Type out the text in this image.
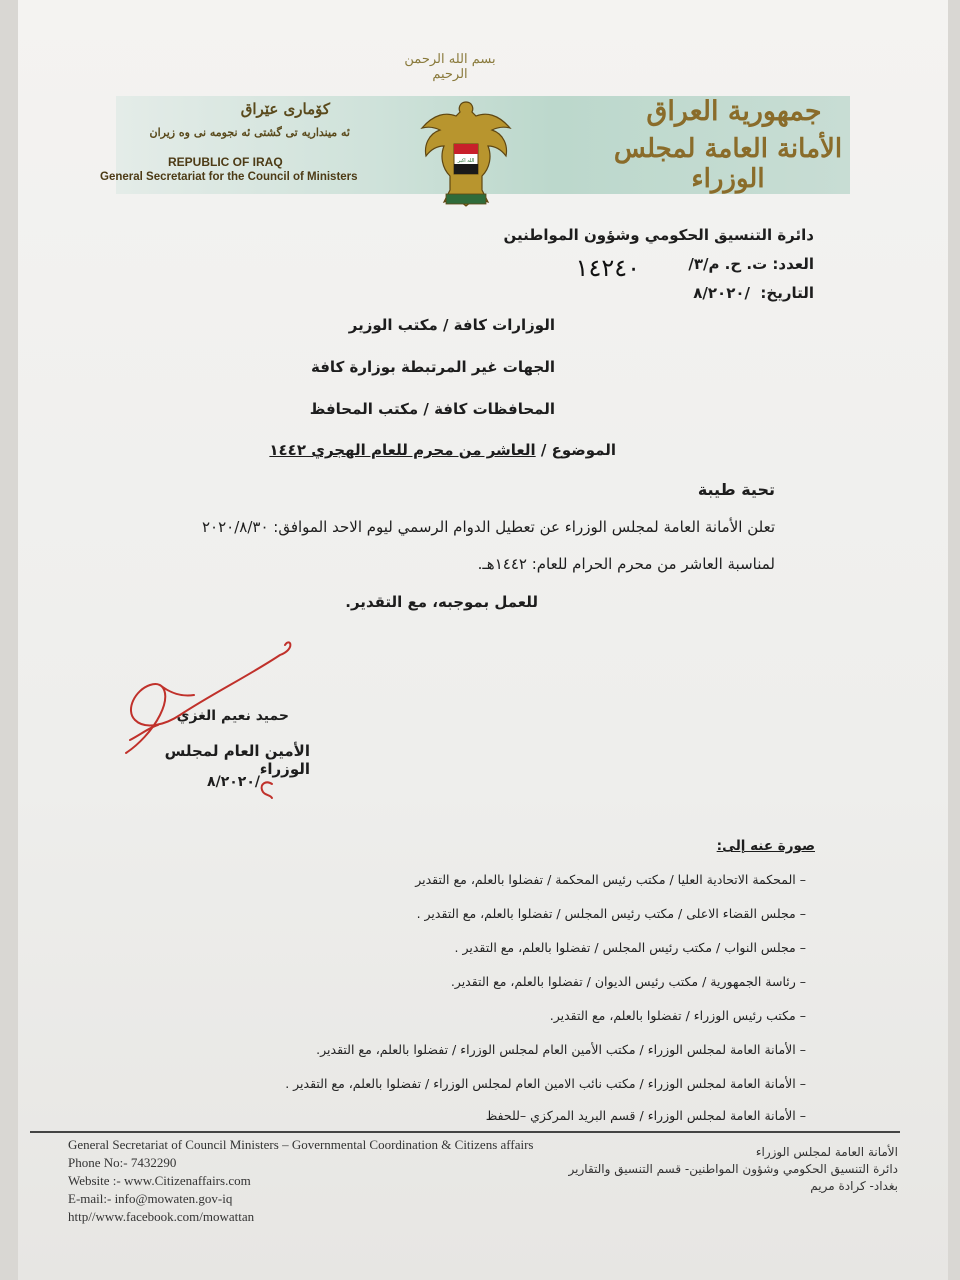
بسم الله الرحمن الرحيم
كۆماری عێراق
ئه مینداریه تی گشتی ئه نجومه نی وه زیران
REPUBLIC OF IRAQ
General Secretariat for the Council of Ministers
الله اكبر
جمهورية العراق
الأمانة العامة لمجلس الوزراء
دائرة التنسيق الحكومي وشؤون المواطنين
العدد: ت. ح. م/٣/
١٤٢٤٠
التاريخ:
/٨/٢٠٢٠
الوزارات كافة / مكتب الوزير
الجهات غير المرتبطة بوزارة كافة
المحافظات كافة / مكتب المحافظ
الموضوع / العاشر من محرم للعام الهجري ١٤٤٢
تحية طيبة
تعلن الأمانة العامة لمجلس الوزراء عن تعطيل الدوام الرسمي ليوم الاحد الموافق: ٢٠٢٠/٨/٣٠
لمناسبة العاشر من محرم الحرام للعام: ١٤٤٢هـ.
للعمل بموجبه، مع التقدير.
حميد نعيم الغزي
الأمين العام لمجلس الوزراء
/٨/٢٠٢٠
صورة عنه إلى:
– المحكمة الاتحادية العليا / مكتب رئيس المحكمة / تفضلوا بالعلم، مع التقدير
– مجلس القضاء الاعلى / مكتب رئيس المجلس / تفضلوا بالعلم، مع التقدير .
– مجلس النواب / مكتب رئيس المجلس / تفضلوا بالعلم، مع التقدير .
– رئاسة الجمهورية / مكتب رئيس الديوان / تفضلوا بالعلم، مع التقدير.
– مكتب رئيس الوزراء / تفضلوا بالعلم، مع التقدير.
– الأمانة العامة لمجلس الوزراء / مكتب الأمين العام لمجلس الوزراء / تفضلوا بالعلم، مع التقدير.
– الأمانة العامة لمجلس الوزراء / مكتب نائب الامين العام لمجلس الوزراء / تفضلوا بالعلم، مع التقدير .
– الأمانة العامة لمجلس الوزراء / قسم البريد المركزي –للحفظ
General Secretariat of Council Ministers – Governmental Coordination & Citizens affairs
Phone No:- 7432290
Website :- www.Citizenaffairs.com
E-mail:- info@mowaten.gov-iq
http//www.facebook.com/mowattan
الأمانة العامة لمجلس الوزراء
دائرة التنسيق الحكومي وشؤون المواطنين- قسم التنسيق والتقارير
بغداد- كرادة مريم
